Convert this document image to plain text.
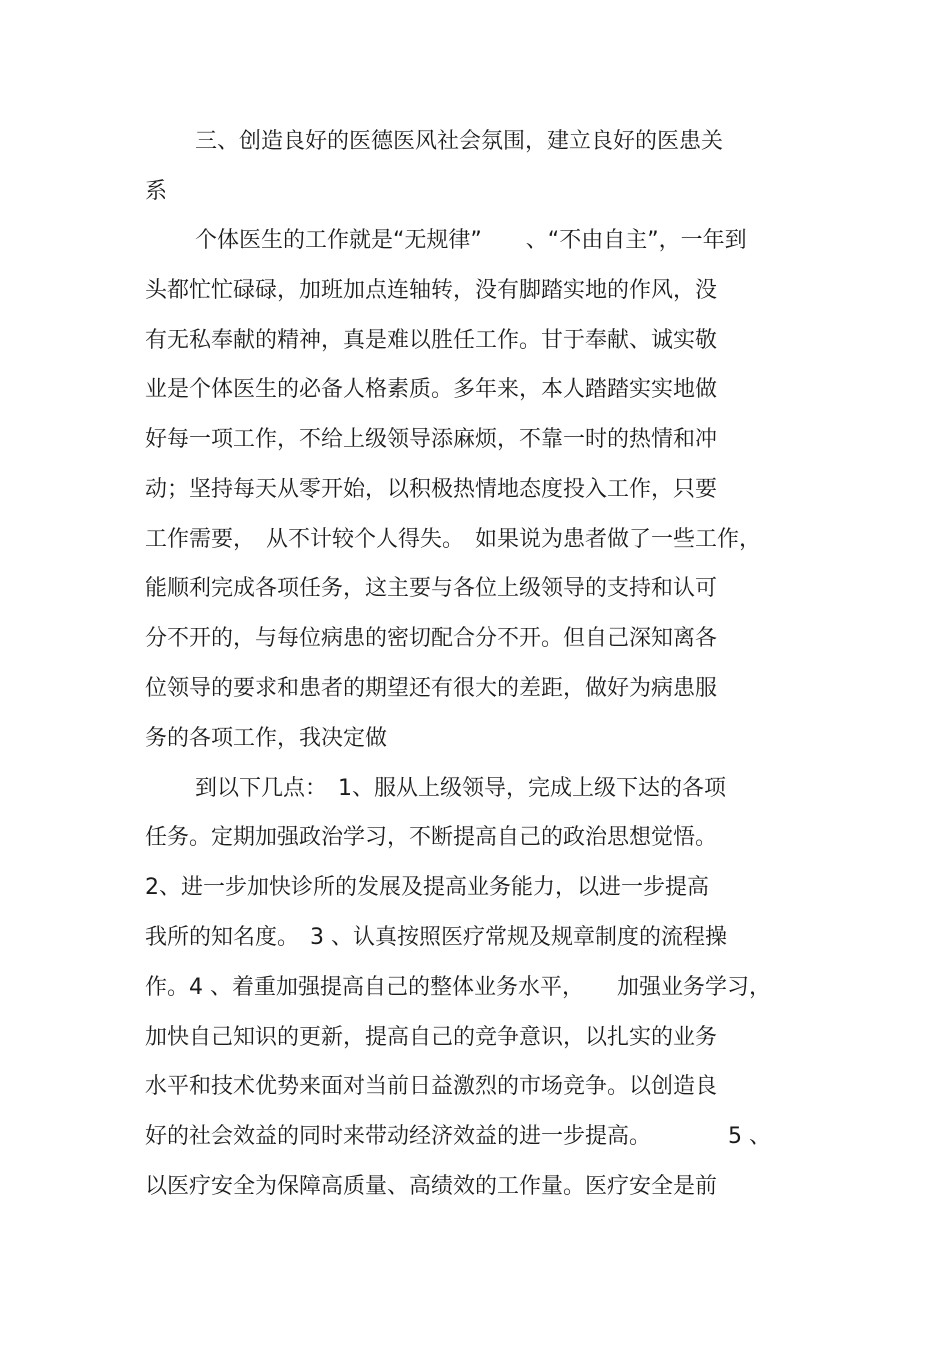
三、创造良好的医德医风社会氛围，建立良好的医患关

系

个体医生的工作就是“无规律”　　、“不由自主”，一年到

头都忙忙碌碌，加班加点连轴转，没有脚踏实地的作风，没

有无私奉献的精神，真是难以胜任工作。甘于奉献、诚实敬

业是个体医生的必备人格素质。多年来，本人踏踏实实地做

好每一项工作，不给上级领导添麻烦，不靠一时的热情和冲

动；坚持每天从零开始，以积极热情地态度投入工作，只要

工作需要，　从不计较个人得失。　如果说为患者做了一些工作，

能顺利完成各项任务，这主要与各位上级领导的支持和认可

分不开的，与每位病患的密切配合分不开。但自己深知离各

位领导的要求和患者的期望还有很大的差距，做好为病患服

务的各项工作，我决定做

到以下几点：　1、服从上级领导，完成上级下达的各项

任务。定期加强政治学习，不断提高自己的政治思想觉悟。

2、进一步加快诊所的发展及提高业务能力，以进一步提高

我所的知名度。　3 、认真按照医疗常规及规章制度的流程操

作。4 、着重加强提高自己的整体业务水平，　　加强业务学习，

加快自己知识的更新，提高自己的竞争意识，以扎实的业务

水平和技术优势来面对当前日益激烈的市场竞争。以创造良

好的社会效益的同时来带动经济效益的进一步提高。　　　　5 、

以医疗安全为保障高质量、高绩效的工作量。医疗安全是前
